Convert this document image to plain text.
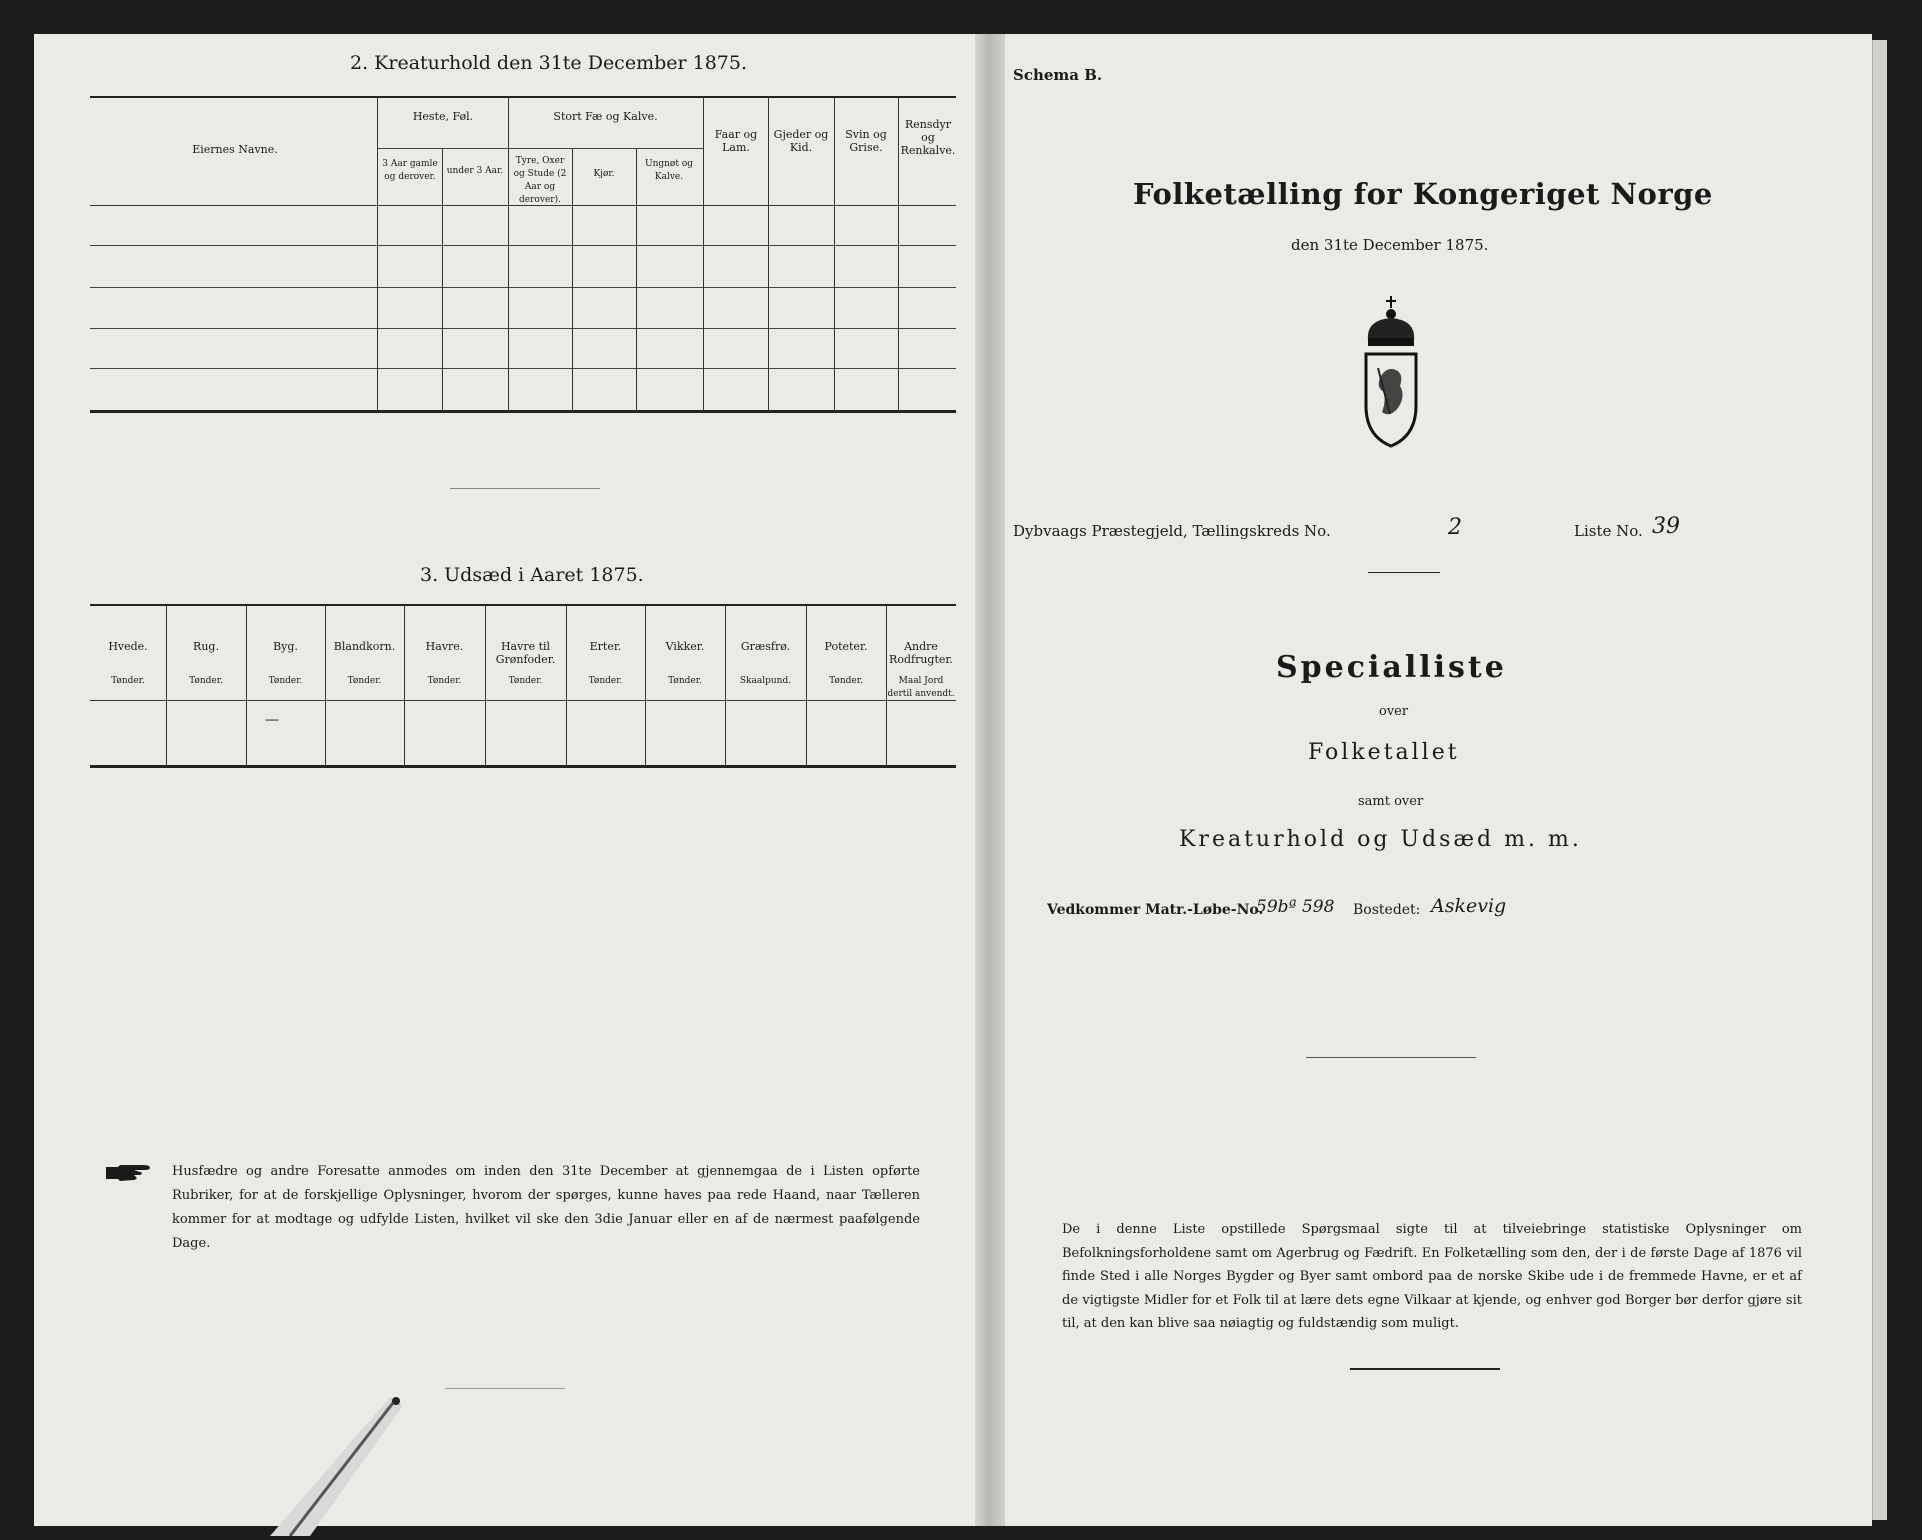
2. Kreaturhold den 31te December 1875.
Eiernes Navne.
Heste, Føl.
3 Aar gamle og derover.
under 3 Aar.
Stort Fæ og Kalve.
Tyre, Oxer og Stude (2 Aar og derover).
Kjør.
Ungnøt og Kalve.
Faar og Lam.
Gjeder og Kid.
Svin og Grise.
Rensdyr og Renkalve.
3. Udsæd i Aaret 1875.
Hvede.
Tønder.
Rug.
Tønder.
Byg.
Tønder.
Blandkorn.
Tønder.
Havre.
Tønder.
Havre til Grønfoder.
Tønder.
Erter.
Tønder.
Vikker.
Tønder.
Græsfrø.
Skaalpund.
Poteter.
Tønder.
Andre Rodfrugter.
Maal Jord dertil anvendt.
—
Husfædre og andre Foresatte anmodes om inden den 31te December at gjennemgaa de i Listen opførte Rubriker, for at de forskjellige Oplysninger, hvorom der spørges, kunne haves paa rede Haand, naar Tælleren kommer for at modtage og udfylde Listen, hvilket vil ske den 3die Januar eller en af de nærmest paafølgende Dage.
Schema B.
Folketælling for Kongeriget Norge
den 31te December 1875.
Dybvaags Præstegjeld, Tællingskreds No.	2	Liste No. 39
Specialliste
over
Folketallet
samt over
Kreaturhold og Udsæd m. m.
Vedkommer Matr.-Løbe-No.
59bª 598 Bostedet: Askevig
De i denne Liste opstillede Spørgsmaal sigte til at tilveiebringe statistiske Oplysninger om Befolkningsforholdene samt om Agerbrug og Fædrift. En Folketælling som den, der i de første Dage af 1876 vil finde Sted i alle Norges Bygder og Byer samt ombord paa de norske Skibe ude i de fremmede Havne, er et af de vigtigste Midler for et Folk til at lære dets egne Vilkaar at kjende, og enhver god Borger bør derfor gjøre sit til, at den kan blive saa nøiagtig og fuldstændig som muligt.
